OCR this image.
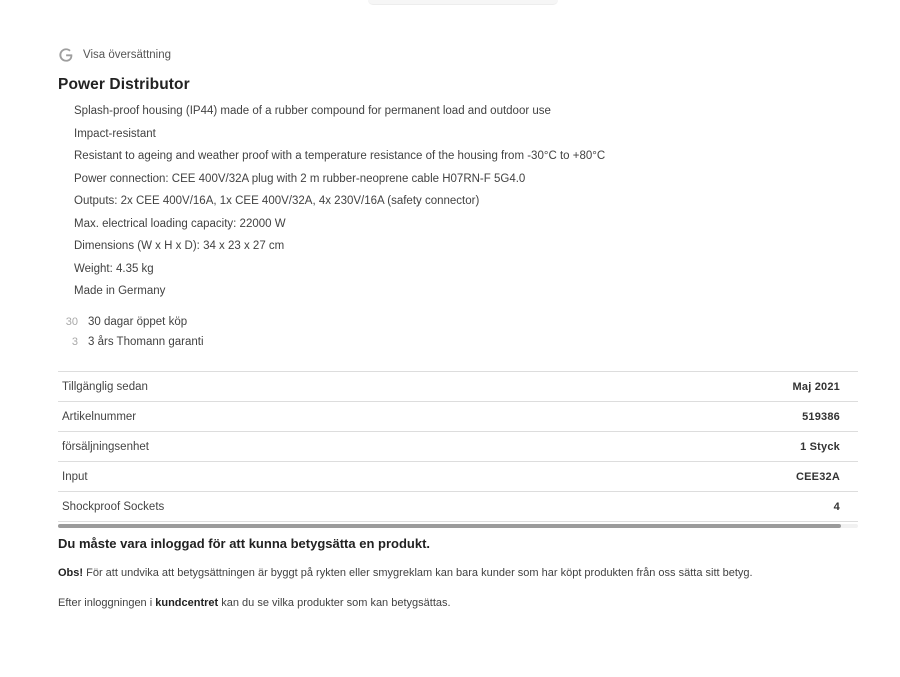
Visa översättning
Power Distributor
Splash-proof housing (IP44) made of a rubber compound for permanent load and outdoor use
Impact-resistant
Resistant to ageing and weather proof with a temperature resistance of the housing from -30°C to +80°C
Power connection: CEE 400V/32A plug with 2 m rubber-neoprene cable H07RN-F 5G4.0
Outputs: 2x CEE 400V/16A, 1x CEE 400V/32A, 4x 230V/16A (safety connector)
Max. electrical loading capacity: 22000 W
Dimensions (W x H x D): 34 x 23 x 27 cm
Weight: 4.35 kg
Made in Germany
30 30 dagar öppet köp
3 3 års Thomann garanti
Tillgänglig sedan	Maj 2021
Artikelnummer	519386
försäljningsenhet	1 Styck
Input	CEE32A
Shockproof Sockets	4
Du måste vara inloggad för att kunna betygsätta en produkt.

Obs! För att undvika att betygsättningen är byggt på rykten eller smygreklam kan bara kunder som har köpt produkten från oss sätta sitt betyg.

Efter inloggningen i kundcentret kan du se vilka produkter som kan betygsättas.
